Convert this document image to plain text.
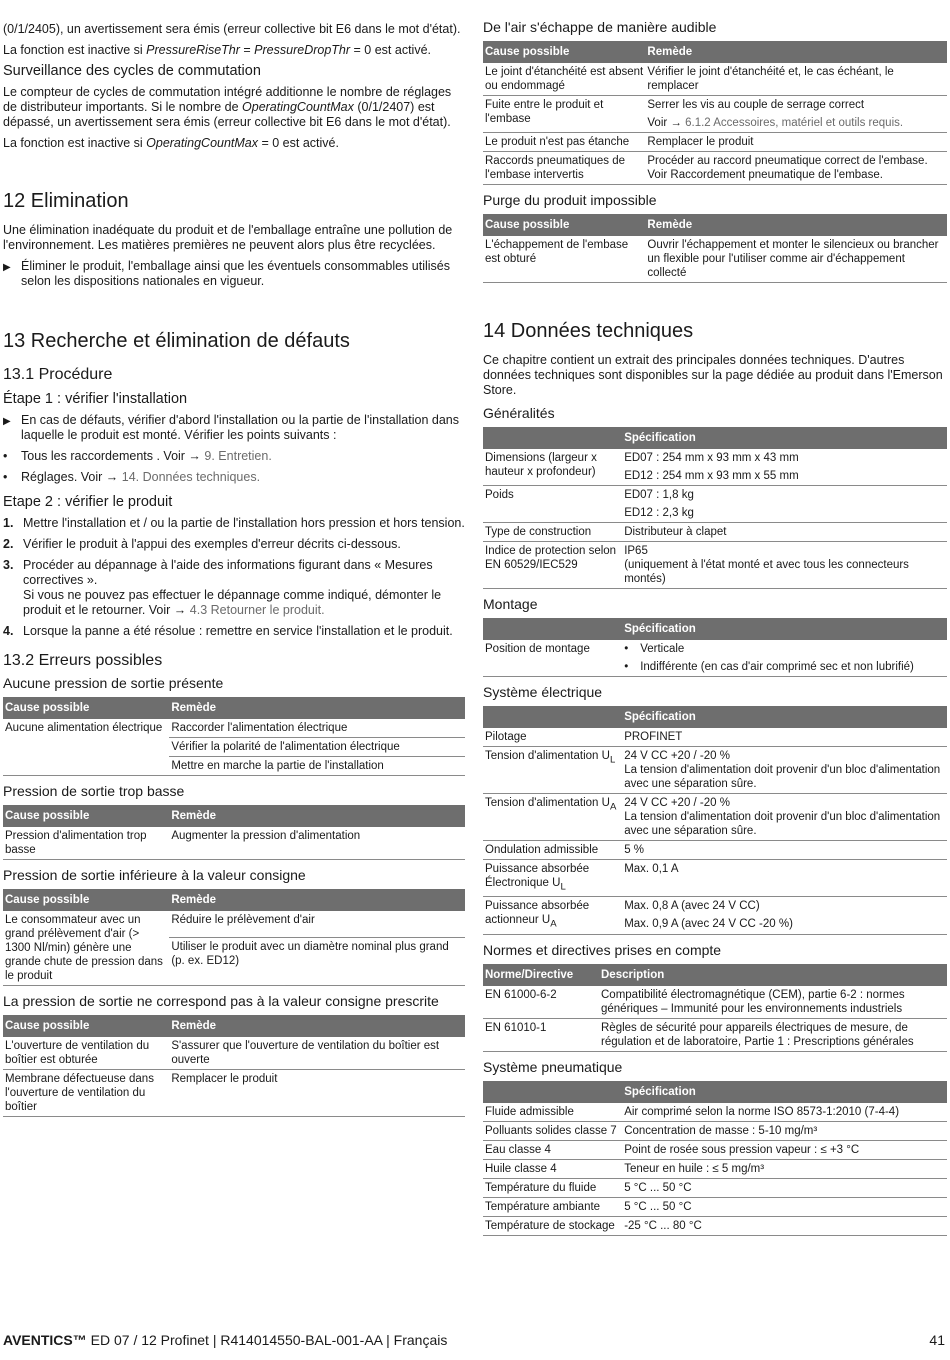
(0/1/2405), un avertissement sera émis (erreur collective bit E6 dans le mot d'état).

La fonction est inactive si PressureRiseThr = PressureDropThr = 0 est activé.

Surveillance des cycles de commutation

Le compteur de cycles de commutation intégré additionne le nombre de réglages de distributeur importants. Si le nombre de OperatingCountMax (0/1/2407) est dépassé, un avertissement sera émis (erreur collective bit E6 dans le mot d'état).

La fonction est inactive si OperatingCountMax = 0 est activé.

12 Elimination

Une élimination inadéquate du produit et de l'emballage entraîne une pollution de l'environnement. Les matières premières ne peuvent alors plus être recyclées.

▶ Éliminer le produit, l'emballage ainsi que les éventuels consommables utilisés selon les dispositions nationales en vigueur.
13 Recherche et élimination de défauts
13.1 Procédure
Étape 1 : vérifier l'installation
▶ En cas de défauts, vérifier d'abord l'installation ou la partie de l'installation dans laquelle le produit est monté. Vérifier les points suivants :
•	Tous les raccordements . Voir → 9. Entretien.
•	Réglages. Voir → 14. Données techniques.
Etape 2 : vérifier le produit
1. Mettre l'installation et / ou la partie de l'installation hors pression et hors tension.
2. Vérifier le produit à l'appui des exemples d'erreur décrits ci-dessous.
3. Procéder au dépannage à l'aide des informations figurant dans « Mesures correctives ».
Si vous ne pouvez pas effectuer le dépannage comme indiqué, démonter le produit et le retourner. Voir → 4.3 Retourner le produit.
4. Lorsque la panne a été résolue : remettre en service l'installation et le produit.
13.2 Erreurs possibles
Aucune pression de sortie présente
Cause possible	Remède
Aucune alimentation électrique	Raccorder l'alimentation électrique
	Vérifier la polarité de l'alimentation électrique
	Mettre en marche la partie de l'installation
Pression de sortie trop basse
Cause possible	Remède
Pression d'alimentation trop basse	Augmenter la pression d'alimentation
Pression de sortie inférieure à la valeur consigne
Cause possible	Remède
Le consommateur avec un grand prélèvement d'air (> 1300 Nl/min) génère une grande chute de pression dans le produit	Réduire le prélèvement d'air
	Utiliser le produit avec un diamètre nominal plus grand (p. ex. ED12)
La pression de sortie ne correspond pas à la valeur consigne prescrite
Cause possible	Remède
L'ouverture de ventilation du boîtier est obturée	S'assurer que l'ouverture de ventilation du boîtier est ouverte
Membrane défectueuse dans l'ouverture de ventilation du boîtier	Remplacer le produit
De l'air s'échappe de manière audible
Cause possible	Remède
Le joint d'étanchéité est absent ou endommagé	Vérifier le joint d'étanchéité et, le cas échéant, le remplacer
Fuite entre le produit et l'embase	Serrer les vis au couple de serrage correct
	Voir → 6.1.2 Accessoires, matériel et outils requis.
Le produit n'est pas étanche	Remplacer le produit
Raccords pneumatiques de l'embase intervertis	Procéder au raccord pneumatique correct de l'embase. Voir Raccordement pneumatique de l'embase.
Purge du produit impossible
Cause possible	Remède
L'échappement de l'embase est obturé	Ouvrir l'échappement et monter le silencieux ou brancher un flexible pour l'utiliser comme air d'échappement collecté
14 Données techniques

Ce chapitre contient un extrait des principales données techniques. D'autres données techniques sont disponibles sur la page dédiée au produit dans l'Emerson Store.

Généralités
	Spécification
Dimensions (largeur x hauteur x profondeur)	ED07 : 254 mm x 93 mm x 43 mm
	ED12 : 254 mm x 93 mm x 55 mm
Poids	ED07 : 1,8 kg
	ED12 : 2,3 kg
Type de construction	Distributeur à clapet
Indice de protection selon EN 60529/IEC529	IP65
(uniquement à l'état monté et avec tous les connecteurs montés)
Montage
	Spécification
Position de montage	• Verticale

	• Indifférente (en cas d'air comprimé sec et non lubrifié)
Système électrique
	Spécification
Pilotage	PROFINET
Tension d'alimentation $U_L$	24 V CC +20 / -20 %
La tension d'alimentation doit provenir d'un bloc d'alimentation avec une séparation sûre.
Tension d'alimentation $U_A$	24 V CC +20 / -20 %
La tension d'alimentation doit provenir d'un bloc d'alimentation avec une séparation sûre.
Ondulation admissible	5 %
Puissance absorbée Électronique $U_L$	Max. 0,1 A
Puissance absorbée actionneur $U_A$	Max. 0,8 A (avec 24 V CC)
	Max. 0,9 A (avec 24 V CC -20 %)
Normes et directives prises en compte
Norme/Directive	Description
EN 61000-6-2	Compatibilité électromagnétique (CEM), partie 6-2 : normes génériques – Immunité pour les environnements industriels
EN 61010-1	Règles de sécurité pour appareils électriques de mesure, de régulation et de laboratoire, Partie 1 : Prescriptions générales
Système pneumatique
	Spécification
Fluide admissible	Air comprimé selon la norme ISO 8573-1:2010 (7-4-4)
Polluants solides classe 7	Concentration de masse : 5-10 mg/m³
Eau classe 4	Point de rosée sous pression vapeur : ≤ +3 °C
Huile classe 4	Teneur en huile : ≤ 5 mg/m³
Température du fluide	5 °C ... 50 °C
Température ambiante	5 °C ... 50 °C
Température de stockage	-25 °C ... 80 °C
AVENTICS™ ED 07 / 12 Profinet | R414014550-BAL-001-AA | Français	41
